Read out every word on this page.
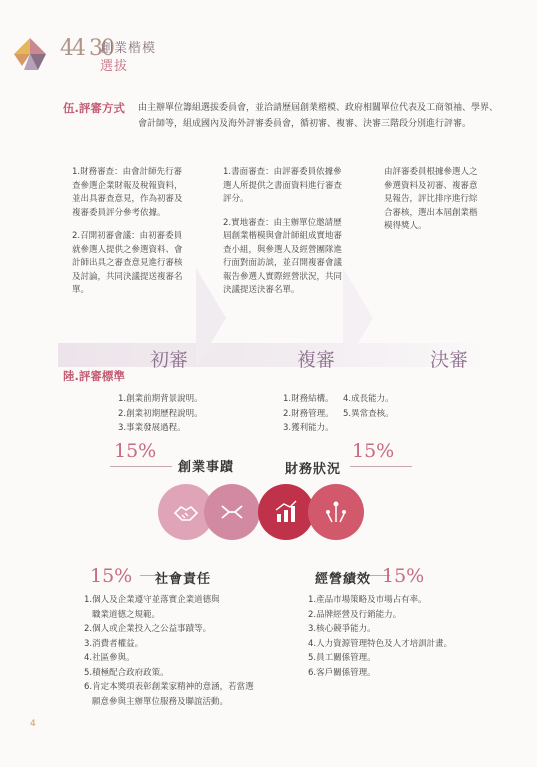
44 30
創業楷模
選拔
伍.評審方式 由主辦單位籌組選拔委員會，並洽請歷屆創業楷模、政府相關單位代表及工商領袖、學界、會計師等，組成國內及海外評審委員會，循初審、複審、決審三階段分別進行評審。

1.財務審查：由會計師先行審查參選企業財報及稅報資料，並出具審查意見，作為初審及複審委員評分參考依據。

2.召開初審會議：由初審委員就參選人提供之參選資料、會計師出具之審查意見進行審核及討論，共同決議提送複審名單。

1.書面審查：由評審委員依據參選人所提供之書面資料進行審查評分。

2.實地審查：由主辦單位邀請歷屆創業楷模與會計師組成實地審查小組，與參選人及經營團隊進行面對面訪談，並召開複審會議報告參選人實際經營狀況，共同決議提送決審名單。

由評審委員根據參選人之參選資料及初審、複審意見報告，評比排序進行綜合審核，選出本屆創業楷模得獎人。

初審	複審	決審
陸.評審標準
1.創業前期背景說明。
2.創業初期歷程說明。
3.事業發展過程。
1.財務結構。
2.財務管理。
3.獲利能力。
4.成長能力。
5.異常查核。
15%	15%
創業事蹟	財務狀況
15% 社會責任	經營績效 15%
1.個人及企業遵守並落實企業道德與
職業道德之規範。
2.個人或企業投入之公益事蹟等。
3.消費者權益。
4.社區參與。
5.積極配合政府政策。
6.肯定本獎項表彰創業家精神的意涵，若當選
願意參與主辦單位服務及聯誼活動。
1.產品市場策略及市場占有率。
2.品牌經營及行銷能力。
3.核心競爭能力。
4.人力資源管理特色及人才培訓計畫。
5.員工關係管理。
6.客戶關係管理。
4
